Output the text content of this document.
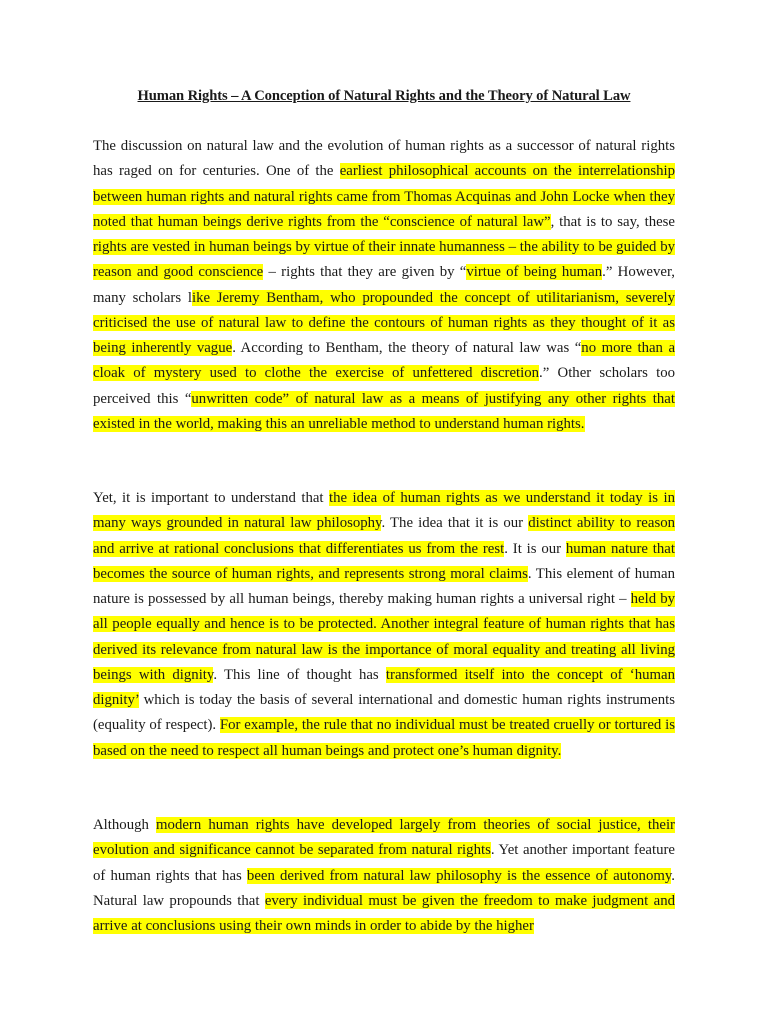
Human Rights – A Conception of Natural Rights and the Theory of Natural Law

The discussion on natural law and the evolution of human rights as a successor of natural rights has raged on for centuries. One of the earliest philosophical accounts on the interrelationship between human rights and natural rights came from Thomas Acquinas and John Locke when they noted that human beings derive rights from the “conscience of natural law”, that is to say, these rights are vested in human beings by virtue of their innate humanness – the ability to be guided by reason and good conscience – rights that they are given by “virtue of being human.” However, many scholars like Jeremy Bentham, who propounded the concept of utilitarianism, severely criticised the use of natural law to define the contours of human rights as they thought of it as being inherently vague. According to Bentham, the theory of natural law was “no more than a cloak of mystery used to clothe the exercise of unfettered discretion.” Other scholars too perceived this “unwritten code” of natural law as a means of justifying any other rights that existed in the world, making this an unreliable method to understand human rights.

Yet, it is important to understand that the idea of human rights as we understand it today is in many ways grounded in natural law philosophy. The idea that it is our distinct ability to reason and arrive at rational conclusions that differentiates us from the rest. It is our human nature that becomes the source of human rights, and represents strong moral claims. This element of human nature is possessed by all human beings, thereby making human rights a universal right – held by all people equally and hence is to be protected. Another integral feature of human rights that has derived its relevance from natural law is the importance of moral equality and treating all living beings with dignity. This line of thought has transformed itself into the concept of ‘human dignity’ which is today the basis of several international and domestic human rights instruments (equality of respect). For example, the rule that no individual must be treated cruelly or tortured is based on the need to respect all human beings and protect one’s human dignity.

Although modern human rights have developed largely from theories of social justice, their evolution and significance cannot be separated from natural rights. Yet another important feature of human rights that has been derived from natural law philosophy is the essence of autonomy. Natural law propounds that every individual must be given the freedom to make judgment and arrive at conclusions using their own minds in order to abide by the higher
